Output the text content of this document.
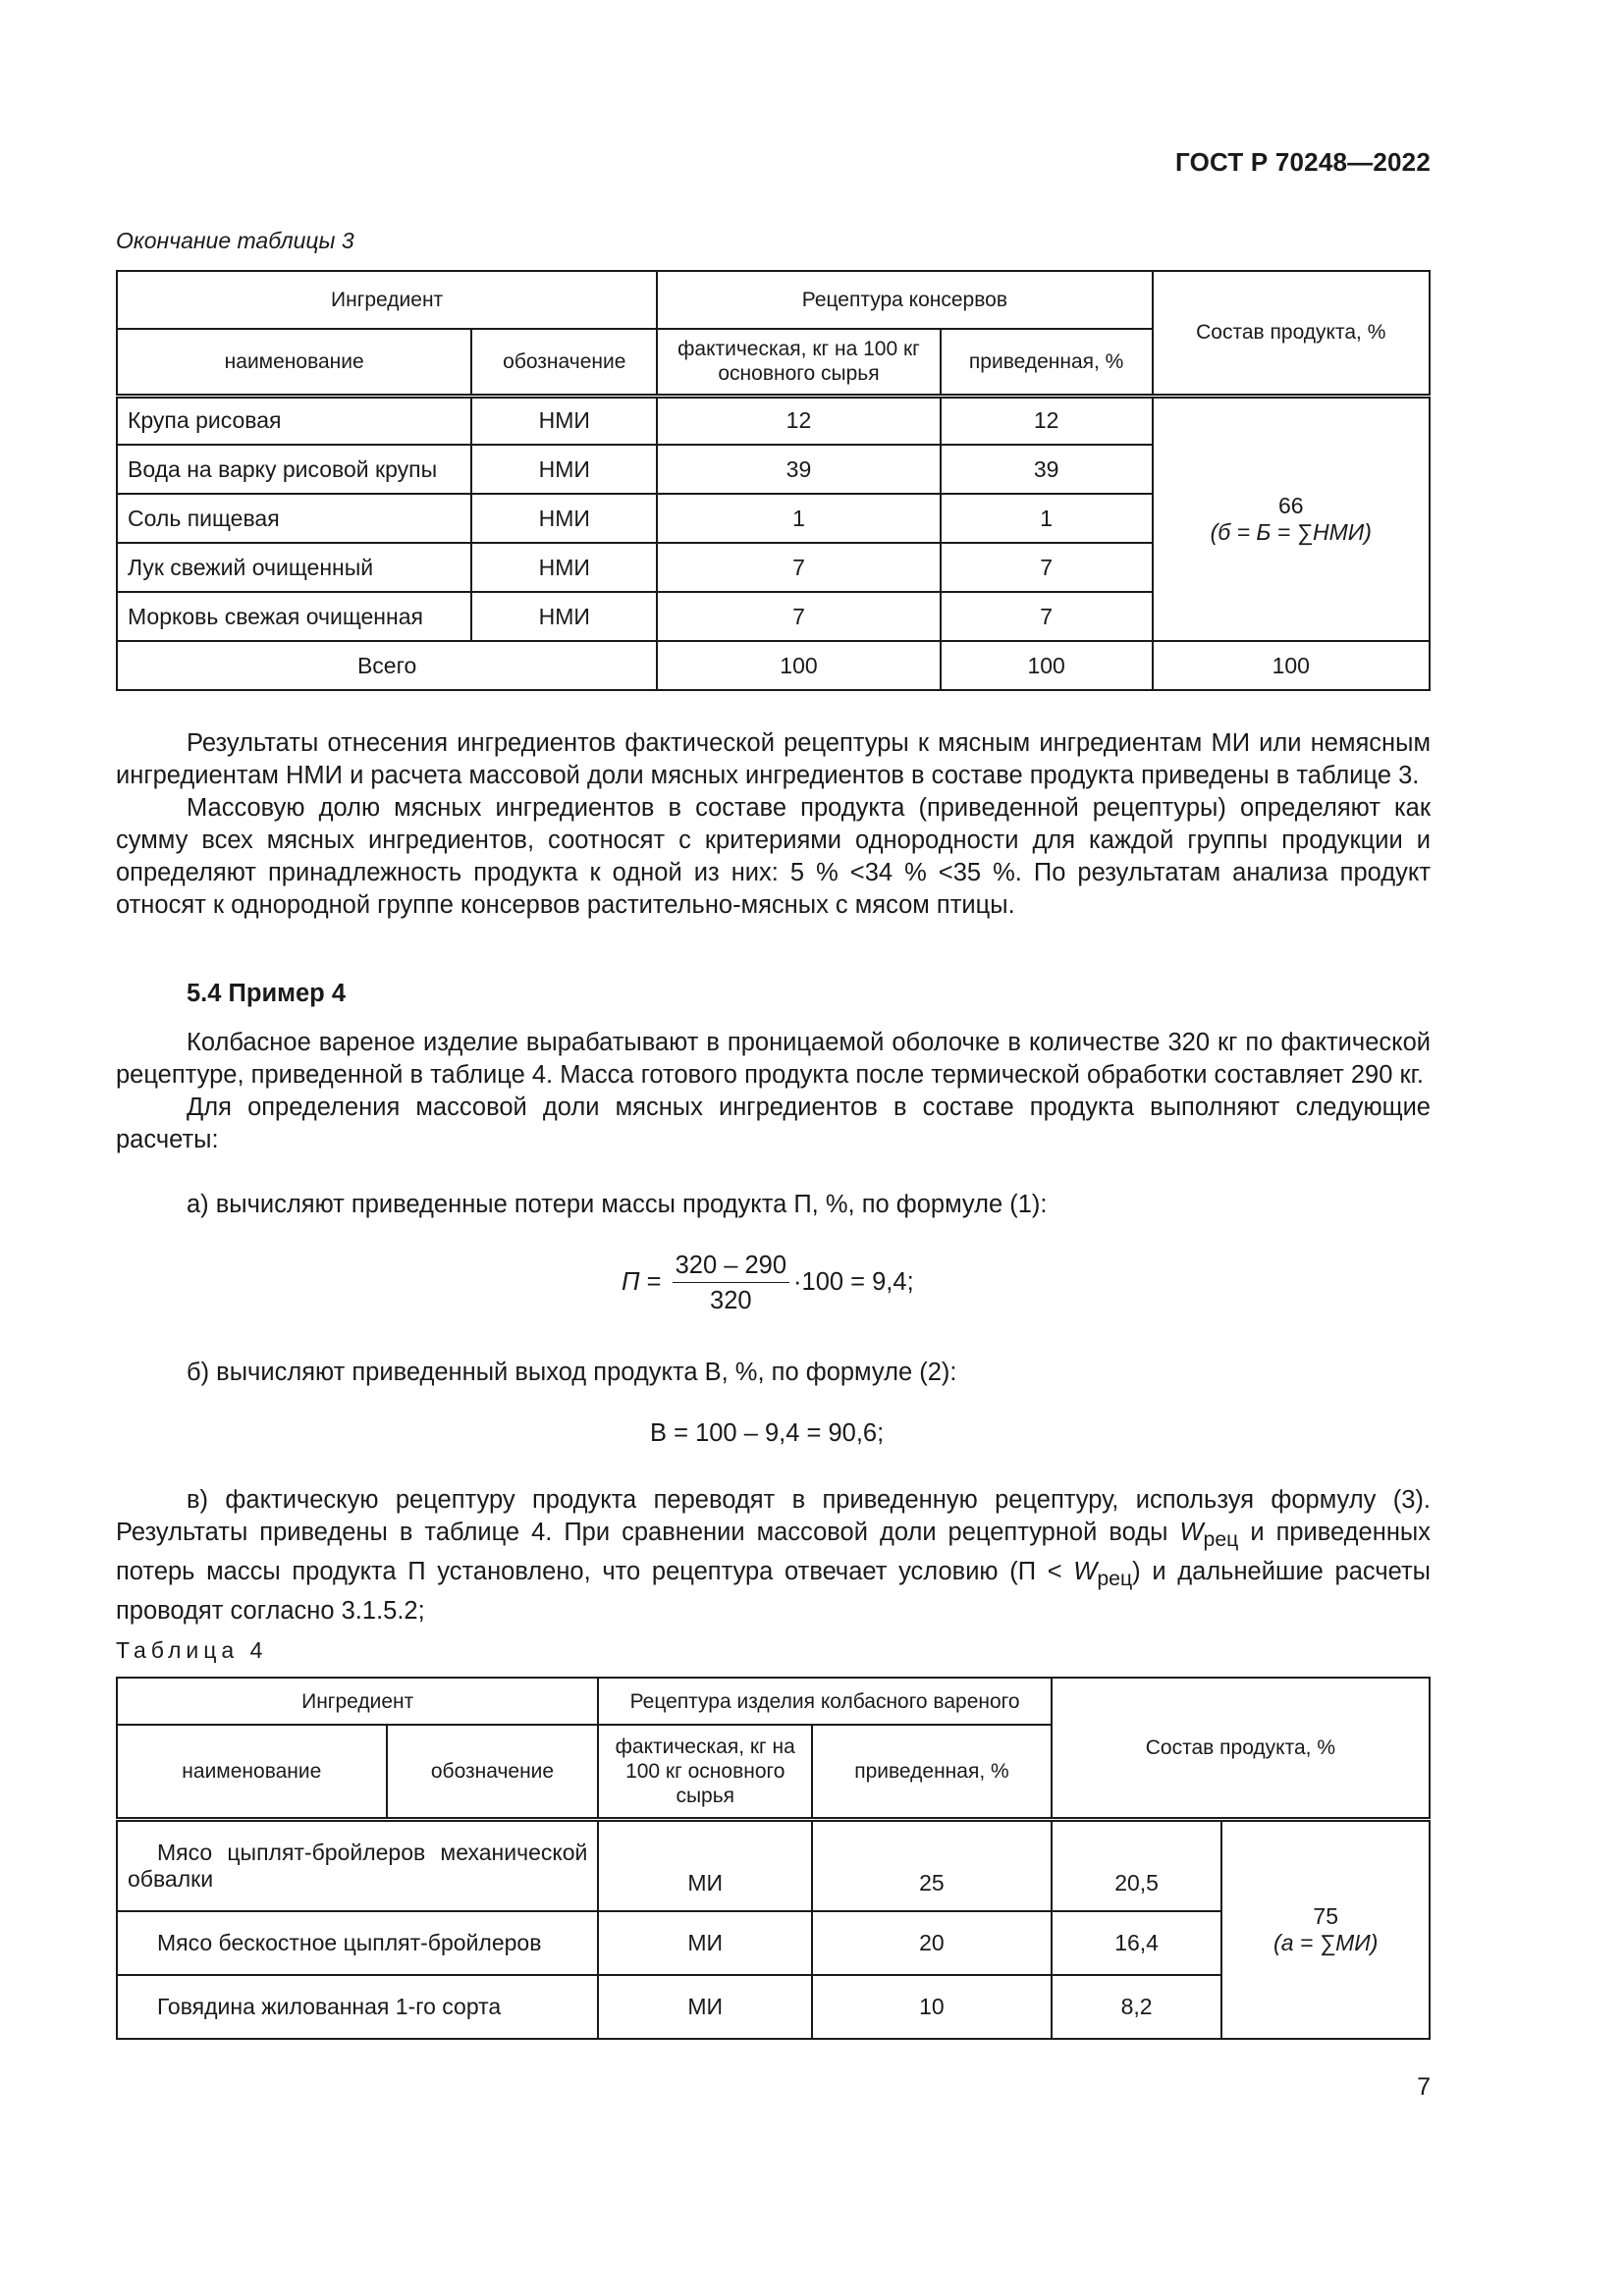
ГОСТ Р 70248—2022
Окончание таблицы 3
Ингредиент		Рецептура консервов		Состав продукта, %
наименование	обозначение	фактическая, кг на 100 кг основного сырья	приведенная, %	
Крупа рисовая	НМИ	12	12	66
(б = Б = ∑НМИ)

Вода на варку рисовой крупы	НМИ	39	39	
Соль пищевая	НМИ	1	1	
Лук свежий очищенный	НМИ	7	7	
Морковь свежая очищенная	НМИ	7	7	
Всего		100	100	100

Результаты отнесения ингредиентов фактической рецептуры к мясным ингредиентам МИ или немясным ингредиентам НМИ и расчета массовой доли мясных ингредиентов в составе продукта приведены в таблице 3.

Массовую долю мясных ингредиентов в составе продукта (приведенной рецептуры) определяют как сумму всех мясных ингредиентов, соотносят с критериями однородности для каждой группы продукции и определяют принадлежность продукта к одной из них: 5 % <34 % <35 %. По результатам анализа продукт относят к однородной группе консервов растительно-мясных с мясом птицы.

5.4 Пример 4

Колбасное вареное изделие вырабатывают в проницаемой оболочке в количестве 320 кг по фактической рецептуре, приведенной в таблице 4. Масса готового продукта после термической обработки составляет 290 кг.

Для определения массовой доли мясных ингредиентов в составе продукта выполняют следующие расчеты:

а) вычисляют приведенные потери массы продукта П, %, по формуле (1):
$П = \frac{320 - 290}{320} \cdot 100 = 9,4$;
б) вычисляют приведенный выход продукта В, %, по формуле (2):
В = 100 – 9,4 = 90,6;

в) фактическую рецептуру продукта переводят в приведенную рецептуру, используя формулу (3). Результаты приведены в таблице 4. При сравнении массовой доли рецептурной воды $W_{рец}$ и приведенных потерь массы продукта П установлено, что рецептура отвечает условию $(П < W_{рец})$ и дальнейшие расчеты проводят согласно 3.1.5.2;

Таблица 4
Ингредиент		Рецептура изделия колбасного вареного		Состав продукта, %	
наименование	обозначение	фактическая, кг на 100 кг основного сырья	приведенная, %		

Мясо цыплят-бройлеров механической обвалки		МИ	25	20,5	75
(а = ∑МИ)

Мясо бескостное цыплят-бройлеров		МИ	20	16,4	
Говядина жилованная 1-го сорта		МИ	10	8,2	
7
